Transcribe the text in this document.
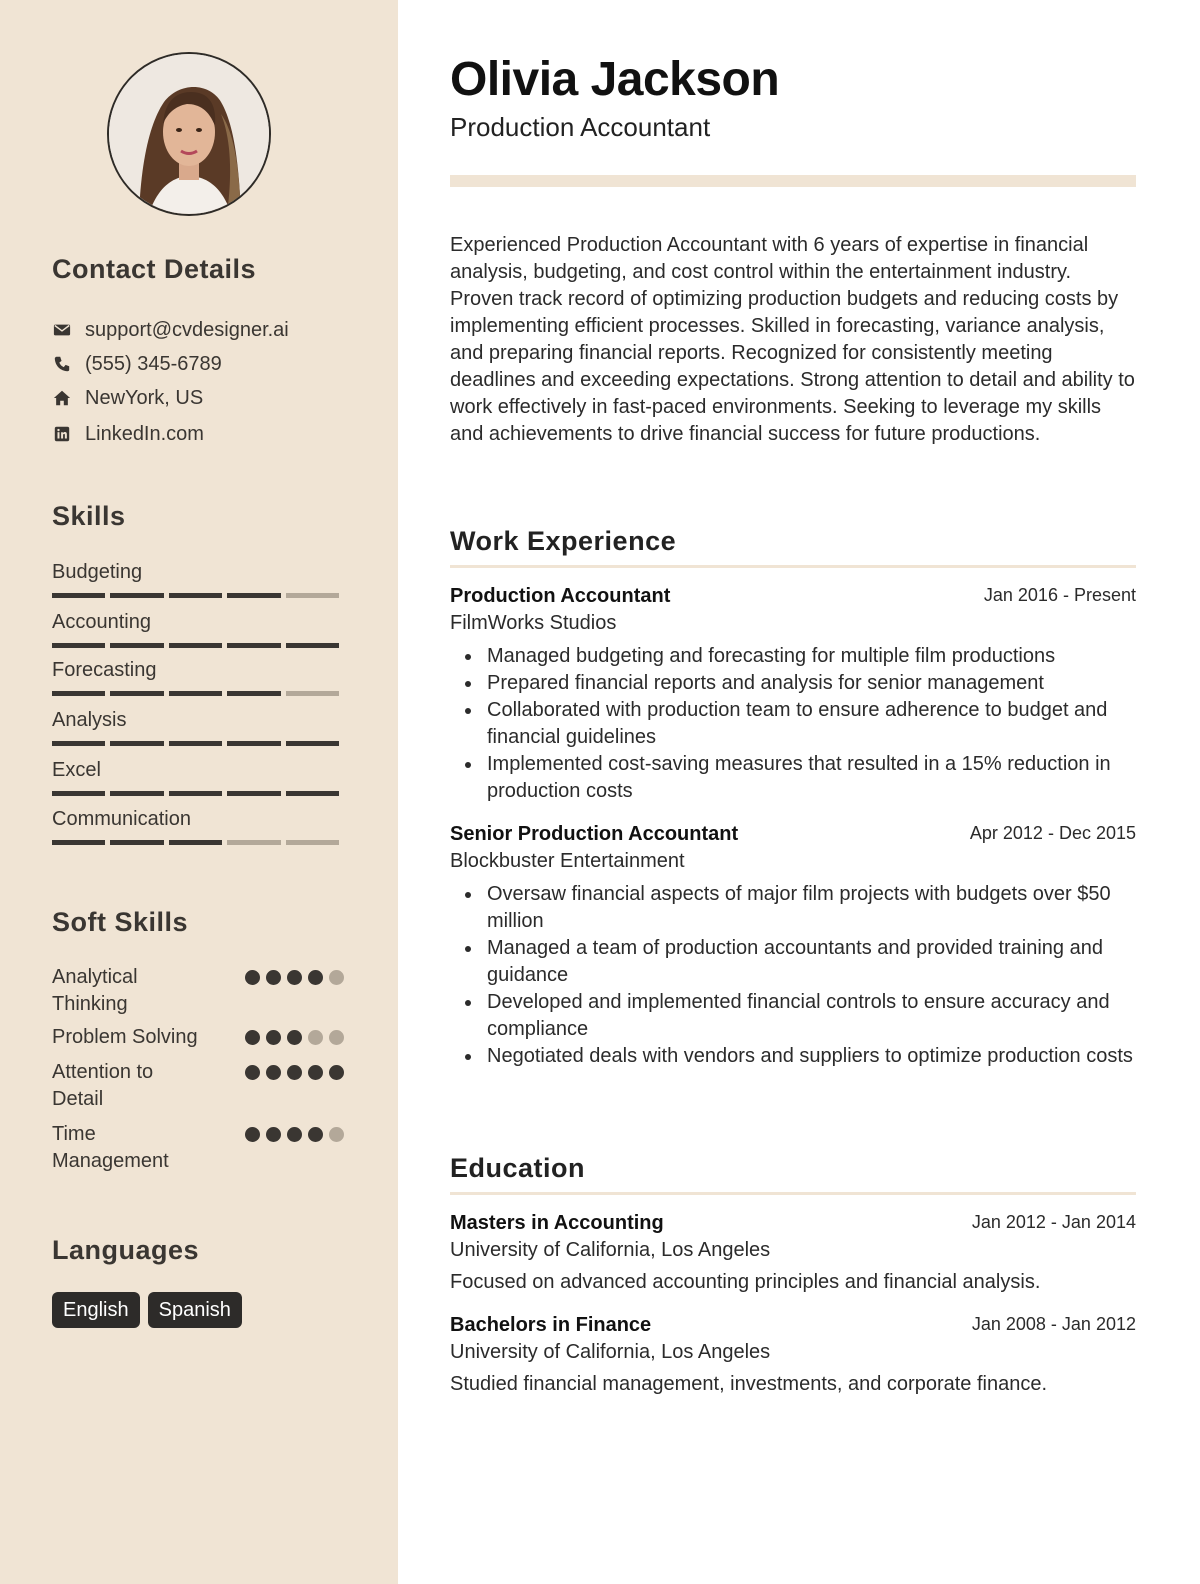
Contact Details
support@cvdesigner.ai
(555) 345-6789
NewYork, US
LinkedIn.com
Skills
Budgeting
Accounting
Forecasting
Analysis
Excel
Communication
Soft Skills
Analytical Thinking
Problem Solving
Attention to Detail
Time Management
Languages
English	Spanish
Olivia Jackson
Production Accountant
Experienced Production Accountant with 6 years of expertise in financial analysis, budgeting, and cost control within the entertainment industry. Proven track record of optimizing production budgets and reducing costs by implementing efficient processes. Skilled in forecasting, variance analysis, and preparing financial reports. Recognized for consistently meeting deadlines and exceeding expectations. Strong attention to detail and ability to work effectively in fast-paced environments. Seeking to leverage my skills and achievements to drive financial success for future productions.
Work Experience
Production Accountant	Jan 2016 - Present
FilmWorks Studios
Managed budgeting and forecasting for multiple film productions
Prepared financial reports and analysis for senior management
Collaborated with production team to ensure adherence to budget and financial guidelines
Implemented cost-saving measures that resulted in a 15% reduction in production costs
Senior Production Accountant	Apr 2012 - Dec 2015
Blockbuster Entertainment
Oversaw financial aspects of major film projects with budgets over $50 million
Managed a team of production accountants and provided training and guidance
Developed and implemented financial controls to ensure accuracy and compliance
Negotiated deals with vendors and suppliers to optimize production costs
Education
Masters in Accounting	Jan 2012 - Jan 2014
University of California, Los Angeles
Focused on advanced accounting principles and financial analysis.
Bachelors in Finance	Jan 2008 - Jan 2012
University of California, Los Angeles
Studied financial management, investments, and corporate finance.
